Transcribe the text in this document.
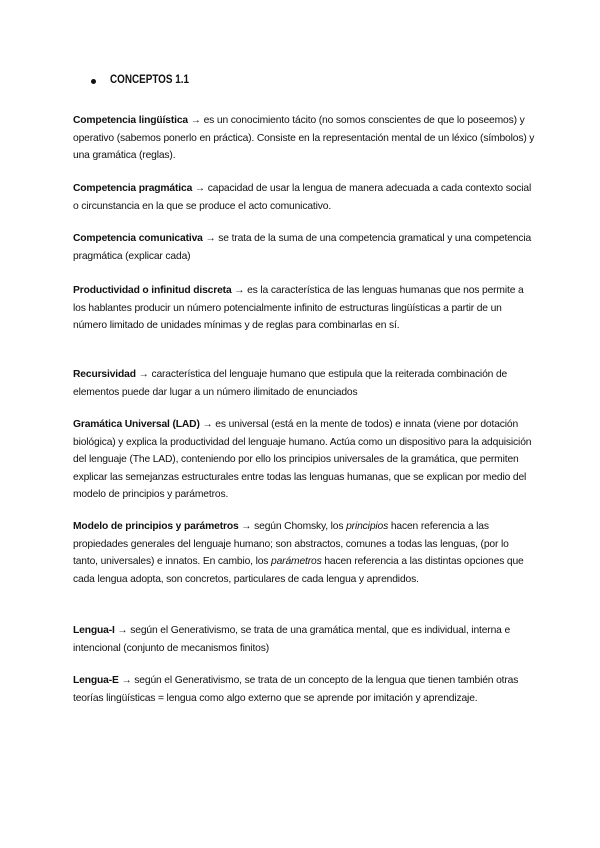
CONCEPTOS 1.1

Competencia lingüística → es un conocimiento tácito (no somos conscientes de que lo poseemos) y operativo (sabemos ponerlo en práctica). Consiste en la representación mental de un léxico (símbolos) y una gramática (reglas).

Competencia pragmática → capacidad de usar la lengua de manera adecuada a cada contexto social o circunstancia en la que se produce el acto comunicativo.

Competencia comunicativa → se trata de la suma de una competencia gramatical y una competencia pragmática (explicar cada)

Productividad o infinitud discreta → es la característica de las lenguas humanas que nos permite a los hablantes producir un número potencialmente infinito de estructuras lingüísticas a partir de un número limitado de unidades mínimas y de reglas para combinarlas en sí.

Recursividad → característica del lenguaje humano que estipula que la reiterada combinación de elementos puede dar lugar a un número ilimitado de enunciados

Gramática Universal (LAD) → es universal (está en la mente de todos) e innata (viene por dotación biológica) y explica la productividad del lenguaje humano. Actúa como un dispositivo para la adquisición del lenguaje (The LAD), conteniendo por ello los principios universales de la gramática, que permiten explicar las semejanzas estructurales entre todas las lenguas humanas, que se explican por medio del modelo de principios y parámetros.

Modelo de principios y parámetros → según Chomsky, los principios hacen referencia a las propiedades generales del lenguaje humano; son abstractos, comunes a todas las lenguas, (por lo tanto, universales) e innatos. En cambio, los parámetros hacen referencia a las distintas opciones que cada lengua adopta, son concretos, particulares de cada lengua y aprendidos.

Lengua-I → según el Generativismo, se trata de una gramática mental, que es individual, interna e intencional (conjunto de mecanismos finitos)

Lengua-E → según el Generativismo, se trata de un concepto de la lengua que tienen también otras teorías lingüísticas = lengua como algo externo que se aprende por imitación y aprendizaje.
